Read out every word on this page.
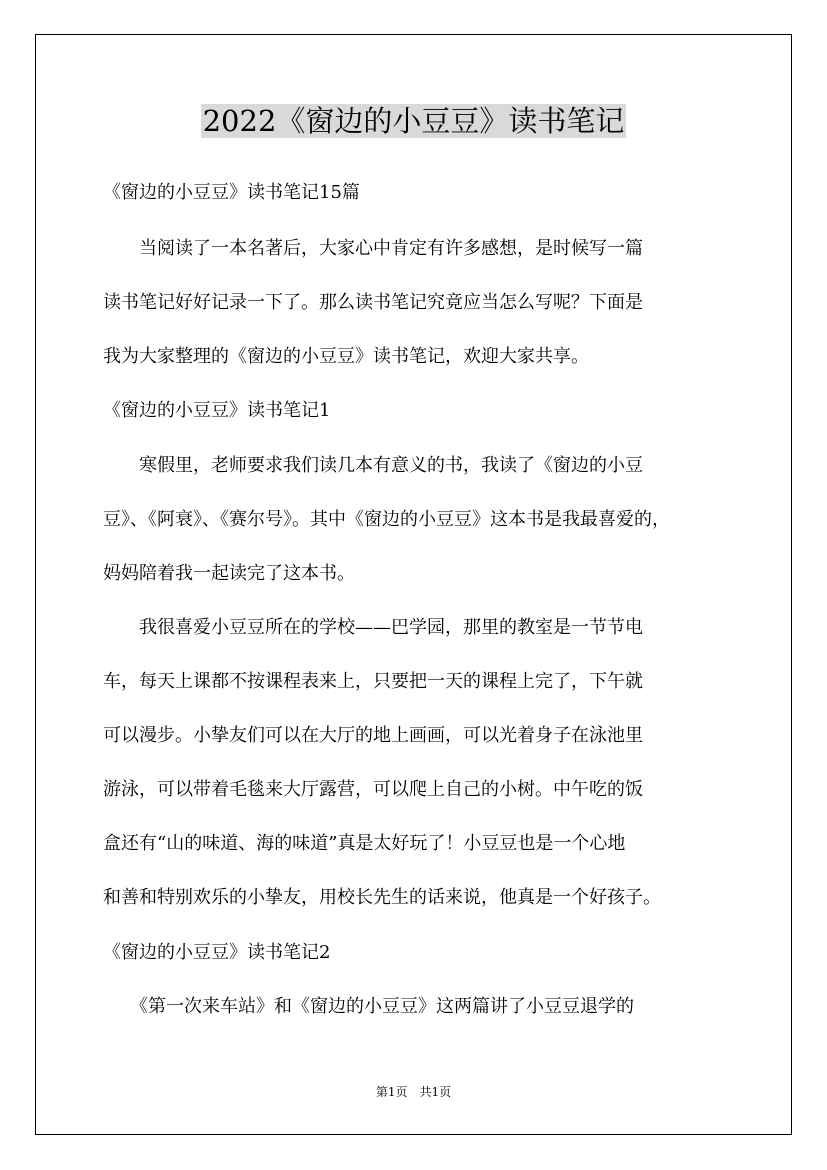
2022《窗边的小豆豆》读书笔记

《窗边的小豆豆》读书笔记15篇

　　当阅读了一本名著后，大家心中肯定有许多感想，是时候写一篇

读书笔记好好记录一下了。那么读书笔记究竟应当怎么写呢？下面是

我为大家整理的《窗边的小豆豆》读书笔记，欢迎大家共享。

《窗边的小豆豆》读书笔记1

　　寒假里，老师要求我们读几本有意义的书，我读了《窗边的小豆

豆》、《阿衰》、《赛尔号》。其中《窗边的小豆豆》这本书是我最喜爱的，

妈妈陪着我一起读完了这本书。

　　我很喜爱小豆豆所在的学校——巴学园，那里的教室是一节节电

车，每天上课都不按课程表来上，只要把一天的课程上完了，下午就

可以漫步。小挚友们可以在大厅的地上画画，可以光着身子在泳池里

游泳，可以带着毛毯来大厅露营，可以爬上自己的小树。中午吃的饭

盒还有“山的味道、海的味道”真是太好玩了！小豆豆也是一个心地

和善和特别欢乐的小挚友，用校长先生的话来说，他真是一个好孩子。

《窗边的小豆豆》读书笔记2

　　《第一次来车站》和《窗边的小豆豆》这两篇讲了小豆豆退学的

第1页　共1页
